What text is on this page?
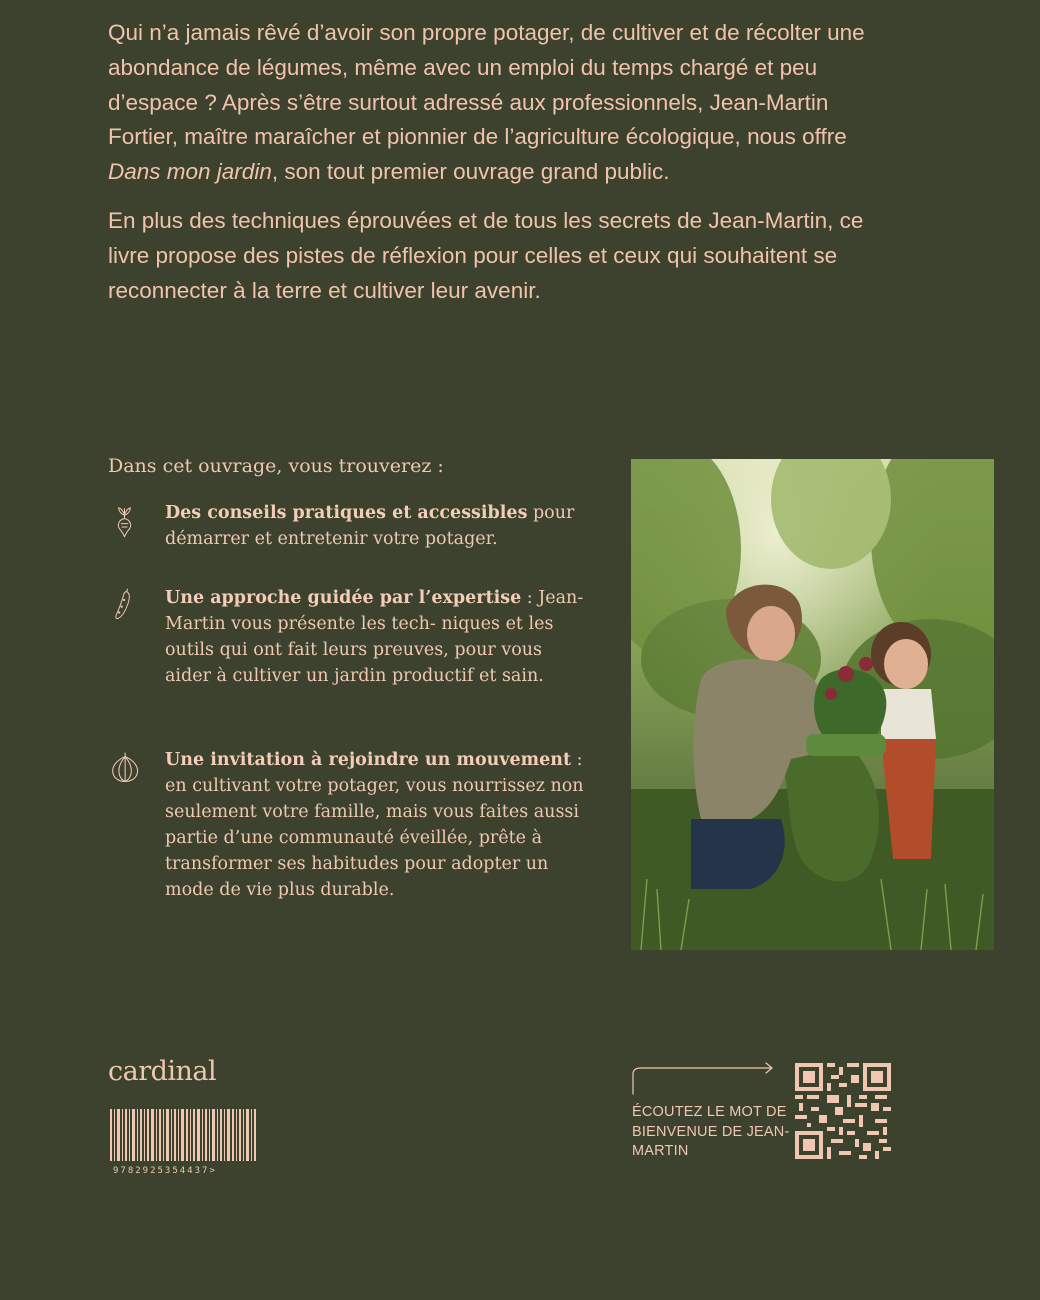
Qui n’a jamais rêvé d’avoir son propre potager, de cultiver et de récolter une abondance de légumes, même avec un emploi du temps chargé et peu d’espace ? Après s’être surtout adressé aux professionnels, Jean-Martin Fortier, maître maraîcher et pionnier de l’agriculture écologique, nous offre Dans mon jardin, son tout premier ouvrage grand public.

En plus des techniques éprouvées et de tous les secrets de Jean-Martin, ce livre propose des pistes de réflexion pour celles et ceux qui souhaitent se reconnecter à la terre et cultiver leur avenir.

Dans cet ouvrage, vous trouverez :
Des conseils pratiques et accessibles pour démarrer et entretenir votre potager.
Une approche guidée par l’expertise : Jean-Martin vous présente les tech- niques et les outils qui ont fait leurs preuves, pour vous aider à cultiver un jardin productif et sain.
Une invitation à rejoindre un mouvement : en cultivant votre potager, vous nourrissez non seulement votre famille, mais vous faites aussi partie d’une communauté éveillée, prête à transformer ses habitudes pour adopter un mode de vie plus durable.
cardinal
9782925354437>
ÉCOUTEZ LE MOT DE BIENVENUE DE JEAN-MARTIN
